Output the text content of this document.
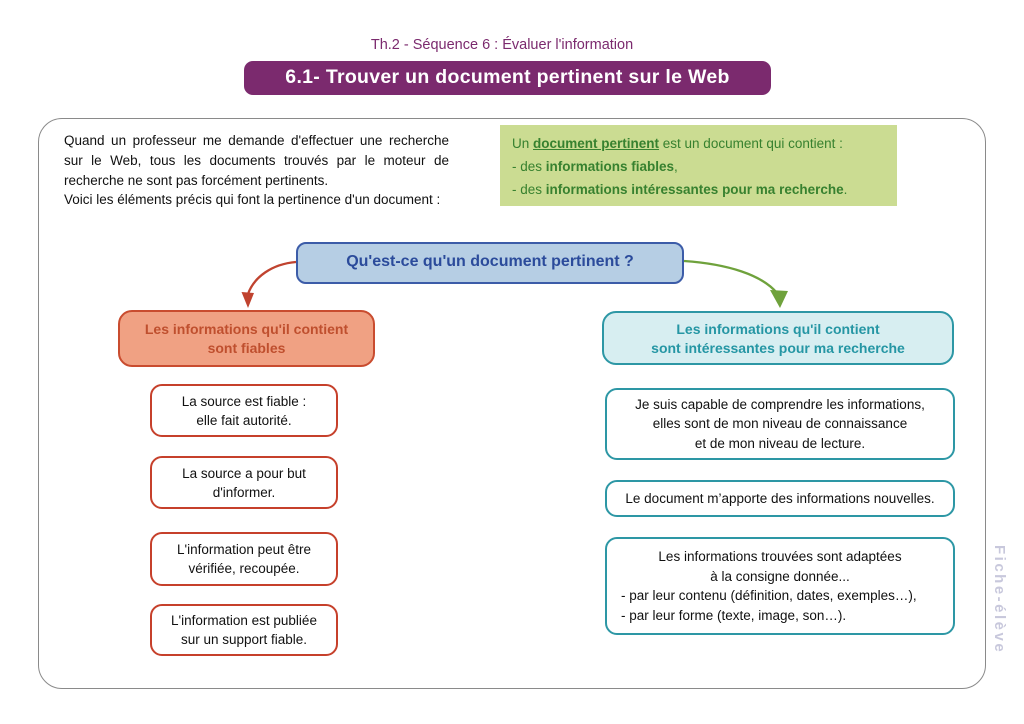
Th.2 - Séquence 6 : Évaluer l'information
6.1- Trouver un document pertinent sur le Web

Quand un professeur me demande d'effectuer une recherche sur le Web, tous les documents trouvés par le moteur de recherche ne sont pas forcément pertinents.

Voici les éléments précis qui font la pertinence d'un document :

Un document pertinent est un document qui contient :
- des informations fiables,
- des informations intéressantes pour ma recherche.
Qu'est-ce qu'un document pertinent ?
Les informations qu'il contient
sont fiables
Les informations qu'il contient
sont intéressantes pour ma recherche
La source est fiable :
elle fait autorité.
La source a pour but
d'informer.
L'information peut être
vérifiée, recoupée.
L'information est publiée
sur un support fiable.
Je suis capable de comprendre les informations,
elles sont de mon niveau de connaissance
et de mon niveau de lecture.
Le document m’apporte des informations nouvelles.
Les informations trouvées sont adaptées
à la consigne donnée...
- par leur contenu (définition, dates, exemples…),
- par leur forme (texte, image, son…).	Fiche-élève
